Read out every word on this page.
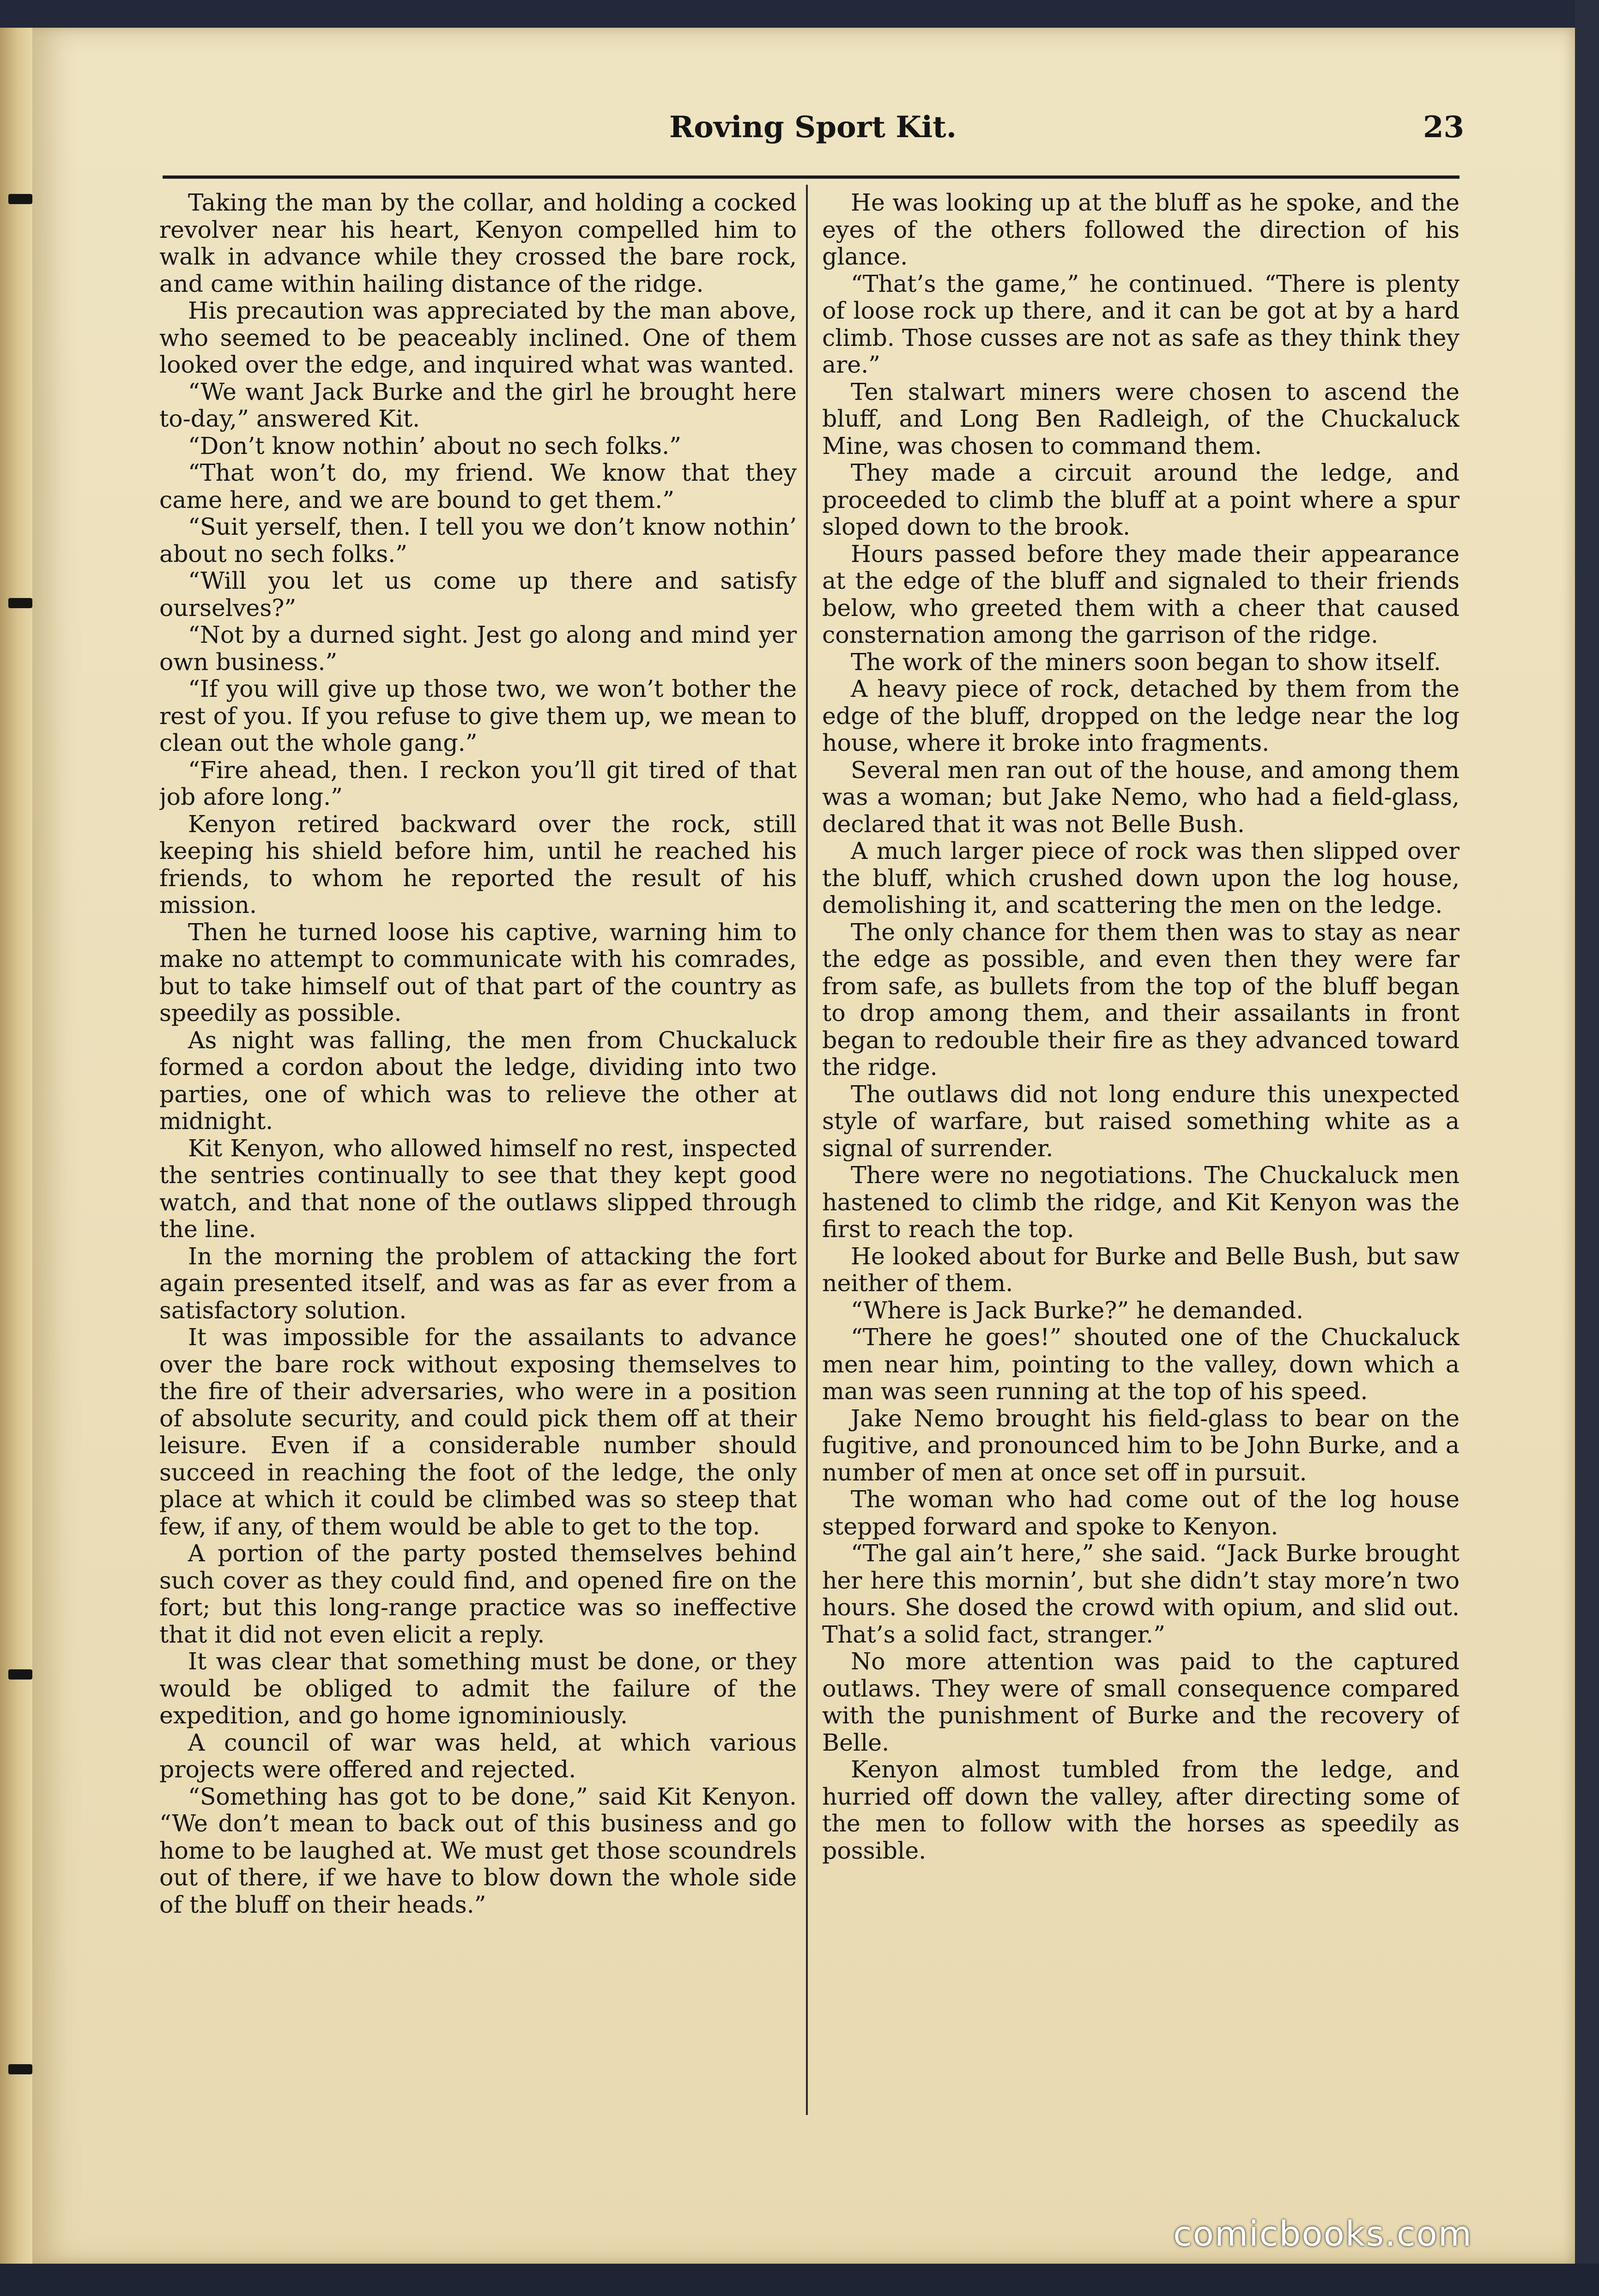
Roving Sport Kit.	23

Taking the man by the collar, and holding a cocked revolver near his heart, Kenyon compelled him to walk in advance while they crossed the bare rock, and came within hailing distance of the ridge.

His precaution was appreciated by the man above, who seemed to be peaceably inclined. One of them looked over the edge, and inquired what was wanted.

“We want Jack Burke and the girl he brought here to-day,” answered Kit.

“Don’t know nothin’ about no sech folks.”

“That won’t do, my friend. We know that they came here, and we are bound to get them.”

“Suit yerself, then. I tell you we don’t know nothin’ about no sech folks.”

“Will you let us come up there and satisfy ourselves?”

“Not by a durned sight. Jest go along and mind yer own business.”

“If you will give up those two, we won’t bother the rest of you. If you refuse to give them up, we mean to clean out the whole gang.”

“Fire ahead, then. I reckon you’ll git tired of that job afore long.”

Kenyon retired backward over the rock, still keeping his shield before him, until he reached his friends, to whom he reported the result of his mission.

Then he turned loose his captive, warning him to make no attempt to communicate with his comrades, but to take himself out of that part of the country as speedily as possible.

As night was falling, the men from Chuckaluck formed a cordon about the ledge, dividing into two parties, one of which was to relieve the other at midnight.

Kit Kenyon, who allowed himself no rest, inspected the sentries continually to see that they kept good watch, and that none of the outlaws slipped through the line.

In the morning the problem of attacking the fort again presented itself, and was as far as ever from a satisfactory solution.

It was impossible for the assailants to advance over the bare rock without exposing themselves to the fire of their adversaries, who were in a position of absolute security, and could pick them off at their leisure. Even if a considerable number should succeed in reaching the foot of the ledge, the only place at which it could be climbed was so steep that few, if any, of them would be able to get to the top.

A portion of the party posted themselves behind such cover as they could find, and opened fire on the fort; but this long-range practice was so ineffective that it did not even elicit a reply.

It was clear that something must be done, or they would be obliged to admit the failure of the expedition, and go home ignominiously.

A council of war was held, at which various projects were offered and rejected.

“Something has got to be done,” said Kit Kenyon. “We don’t mean to back out of this business and go home to be laughed at. We must get those scoundrels out of there, if we have to blow down the whole side of the bluff on their heads.”

He was looking up at the bluff as he spoke, and the eyes of the others followed the direction of his glance.

“That’s the game,” he continued. “There is plenty of loose rock up there, and it can be got at by a hard climb. Those cusses are not as safe as they think they are.”

Ten stalwart miners were chosen to ascend the bluff, and Long Ben Radleigh, of the Chuckaluck Mine, was chosen to command them.

They made a circuit around the ledge, and proceeded to climb the bluff at a point where a spur sloped down to the brook.

Hours passed before they made their appearance at the edge of the bluff and signaled to their friends below, who greeted them with a cheer that caused consternation among the garrison of the ridge.

The work of the miners soon began to show itself.

A heavy piece of rock, detached by them from the edge of the bluff, dropped on the ledge near the log house, where it broke into fragments.

Several men ran out of the house, and among them was a woman; but Jake Nemo, who had a field-glass, declared that it was not Belle Bush.

A much larger piece of rock was then slipped over the bluff, which crushed down upon the log house, demolishing it, and scattering the men on the ledge.

The only chance for them then was to stay as near the edge as possible, and even then they were far from safe, as bullets from the top of the bluff began to drop among them, and their assailants in front began to redouble their fire as they advanced toward the ridge.

The outlaws did not long endure this unexpected style of warfare, but raised something white as a signal of surrender.

There were no negotiations. The Chuckaluck men hastened to climb the ridge, and Kit Kenyon was the first to reach the top.

He looked about for Burke and Belle Bush, but saw neither of them.

“Where is Jack Burke?” he demanded.

“There he goes!” shouted one of the Chuckaluck men near him, pointing to the valley, down which a man was seen running at the top of his speed.

Jake Nemo brought his field-glass to bear on the fugitive, and pronounced him to be John Burke, and a number of men at once set off in pursuit.

The woman who had come out of the log house stepped forward and spoke to Kenyon.

“The gal ain’t here,” she said. “Jack Burke brought her here this mornin’, but she didn’t stay more’n two hours. She dosed the crowd with opium, and slid out. That’s a solid fact, stranger.”

No more attention was paid to the captured outlaws. They were of small consequence compared with the punishment of Burke and the recovery of Belle.

Kenyon almost tumbled from the ledge, and hurried off down the valley, after directing some of the men to follow with the horses as speedily as possible.

comicbooks.com
